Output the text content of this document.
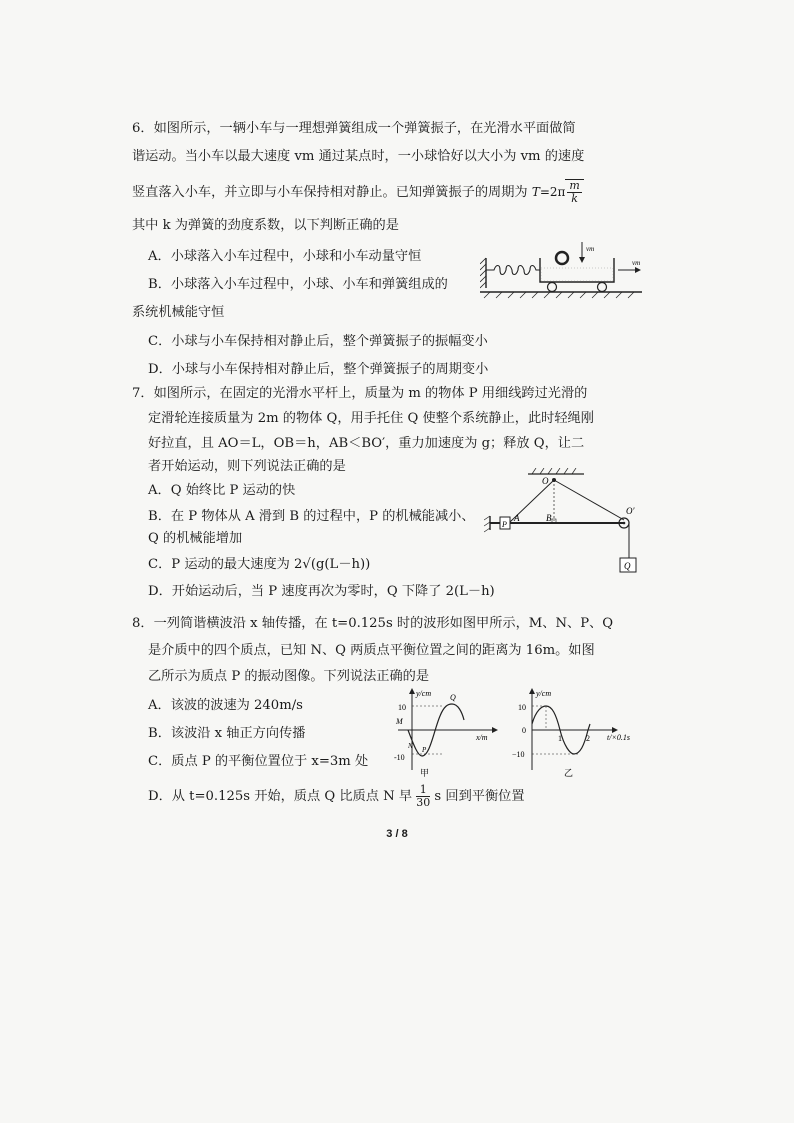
6．如图所示，一辆小车与一理想弹簧组成一个弹簧振子，在光滑水平面做简
谐运动。当小车以最大速度 vm 通过某点时，一小球恰好以大小为 vm 的速度
竖直落入小车，并立即与小车保持相对静止。已知弹簧振子的周期为 $T=2\pi \frac{m}{k}$
其中 k 为弹簧的劲度系数，以下判断正确的是
A．小球落入小车过程中，小球和小车动量守恒
B．小球落入小车过程中，小球、小车和弹簧组成的
系统机械能守恒
C．小球与小车保持相对静止后，整个弹簧振子的振幅变小
D．小球与小车保持相对静止后，整个弹簧振子的周期变小
vm
vm
7．如图所示，在固定的光滑水平杆上，质量为 m 的物体 P 用细线跨过光滑的
定滑轮连接质量为 2m 的物体 Q，用手托住 Q 使整个系统静止，此时轻绳刚
好拉直，且 AO＝L，OB＝h，AB＜BO′，重力加速度为 g；释放 Q，让二
者开始运动，则下列说法正确的是
A．Q 始终比 P 运动的快
B．在 P 物体从 A 滑到 B 的过程中，P 的机械能减小、
Q 的机械能增加
C．P 运动的最大速度为 2√(g(L－h))
D．开始运动后，当 P 速度再次为零时，Q 下降了 2(L－h)
O
P
A	B
O′
Q
8．一列简谐横波沿 x 轴传播，在 t=0.125s 时的波形如图甲所示，M、N、P、Q
是介质中的四个质点，已知 N、Q 两质点平衡位置之间的距离为 16m。如图
乙所示为质点 P 的振动图像。下列说法正确的是
A．该波的波速为 240m/s
B．该波沿 x 轴正方向传播
C．质点 P 的平衡位置位于 x=3m 处
D．从 t=0.125s 开始，质点 Q 比质点 N 早 $\frac{1}{30}$ s 回到平衡位置
y/cm
x/m
10
-10
M
N P
Q
甲
y/cm
t/×0.1s
10
0
−10
1	2
乙
3 / 8
